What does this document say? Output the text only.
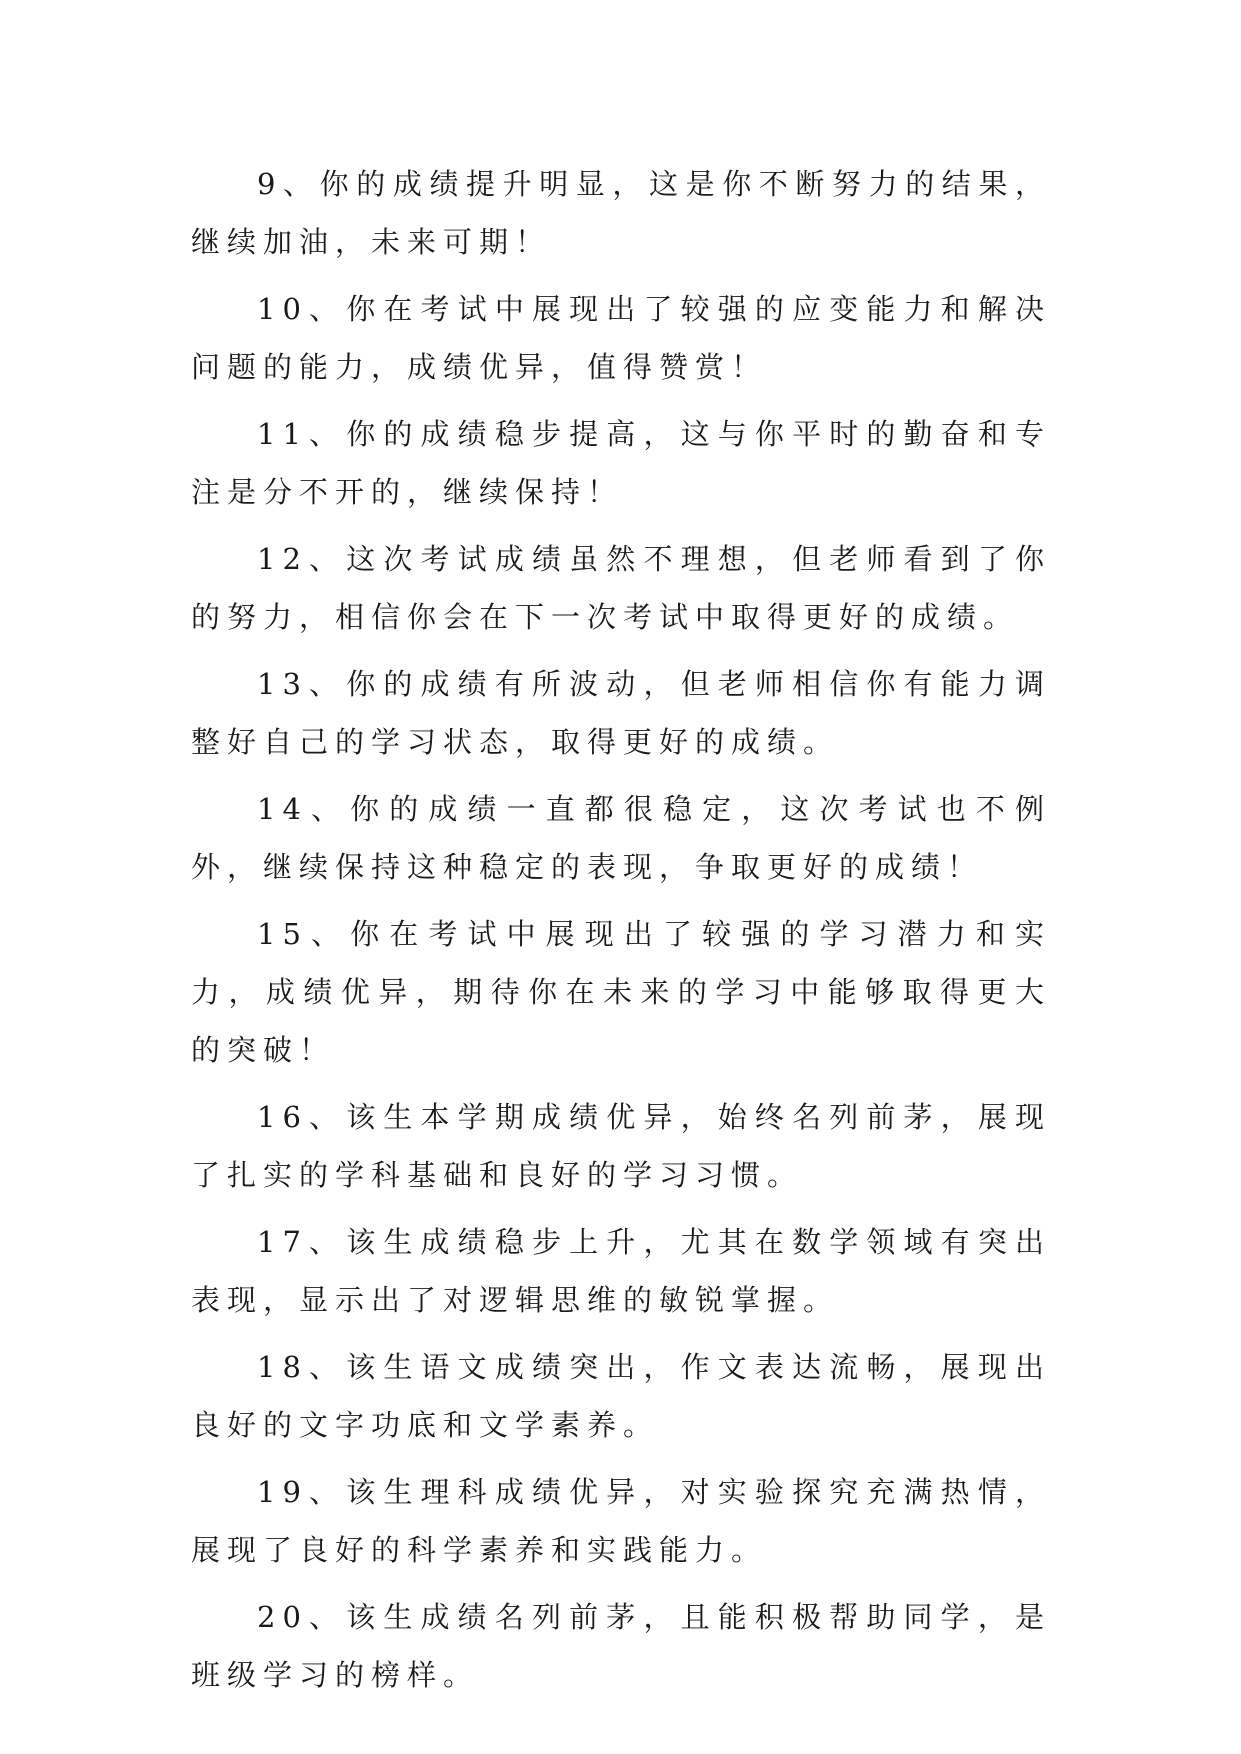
9、你的成绩提升明显，这是你不断努力的结果，继续加油，未来可期！

10、你在考试中展现出了较强的应变能力和解决问题的能力，成绩优异，值得赞赏！

11、你的成绩稳步提高，这与你平时的勤奋和专注是分不开的，继续保持！

12、这次考试成绩虽然不理想，但老师看到了你的努力，相信你会在下一次考试中取得更好的成绩。

13、你的成绩有所波动，但老师相信你有能力调整好自己的学习状态，取得更好的成绩。

14、你的成绩一直都很稳定，这次考试也不例外，继续保持这种稳定的表现，争取更好的成绩！

15、你在考试中展现出了较强的学习潜力和实力，成绩优异，期待你在未来的学习中能够取得更大的突破！

16、该生本学期成绩优异，始终名列前茅，展现了扎实的学科基础和良好的学习习惯。

17、该生成绩稳步上升，尤其在数学领域有突出表现，显示出了对逻辑思维的敏锐掌握。

18、该生语文成绩突出，作文表达流畅，展现出良好的文字功底和文学素养。

19、该生理科成绩优异，对实验探究充满热情，展现了良好的科学素养和实践能力。

20、该生成绩名列前茅，且能积极帮助同学，是班级学习的榜样。
